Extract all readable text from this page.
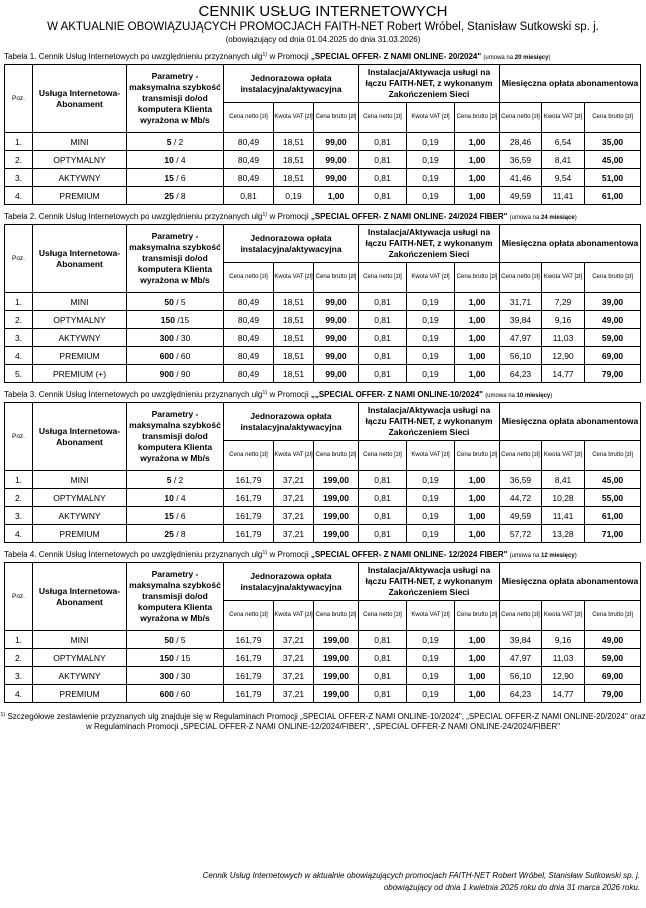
CENNIK USŁUG INTERNETOWYCH
W AKTUALNIE OBOWIĄZUJĄCYCH PROMOCJACH FAITH-NET Robert Wróbel, Stanisław Sutkowski sp. j.
(obowiązujący od dnia 01.04.2025 do dnia 31.03.2026)
Tabela 1. Cennik Usług Internetowych po uwzględnieniu przyznanych ulg$^{1)}$ w Promocji „SPECIAL OFFER- Z NAMI ONLINE- 20/2024" (umowa na 20 miesięcy)
Poz.	Usługa Internetowa- Abonament	Parametry - maksymalna szybkość transmisji do/od komputera Klienta wyrażona w Mb/s	Jednorazowa opłata instalacyjna/aktywacyjna			Instalacja/Aktywacja usługi na łączu FAITH-NET, z wykonanym Zakończeniem Sieci			Miesięczna opłata abonamentowa		
			Cena netto [zł]	Kwota VAT [zł]	Cena brutto [zł]	Cena netto [zł]	Kwota VAT [zł]	Cena brutto [zł]	Cena netto [zł]	Kwota VAT [zł]	Cena brutto [zł]
1.	MINI	5 / 2	80,49	18,51	99,00	0,81	0,19	1,00	28,46	6,54	35,00
2.	OPTYMALNY	10 / 4	80,49	18,51	99,00	0,81	0,19	1,00	36,59	8,41	45,00
3.	AKTYWNY	15 / 6	80,49	18,51	99,00	0,81	0,19	1,00	41,46	9,54	51,00
4.	PREMIUM	25 / 8	0,81	0,19	1,00	0,81	0,19	1,00	49,59	11,41	61,00
Tabela 2. Cennik Usług Internetowych po uwzględnieniu przyznanych ulg$^{1)}$ w Promocji „SPECIAL OFFER- Z NAMI ONLINE- 24/2024 FIBER" (umowa na 24 miesiące)
Poz.	Usługa Internetowa- Abonament	Parametry - maksymalna szybkość transmisji do/od komputera Klienta wyrażona w Mb/s	Jednorazowa opłata instalacyjna/aktywacyjna			Instalacja/Aktywacja usługi na łączu FAITH-NET, z wykonanym Zakończeniem Sieci			Miesięczna opłata abonamentowa		
			Cena netto [zł]	Kwota VAT [zł]	Cena brutto [zł]	Cena netto [zł]	Kwota VAT [zł]	Cena brutto [zł]	Cena netto [zł]	Kwota VAT [zł]	Cena brutto [zł]
1.	MINI	50 / 5	80,49	18,51	99,00	0,81	0,19	1,00	31,71	7,29	39,00
2.	OPTYMALNY	150 /15	80,49	18,51	99,00	0,81	0,19	1,00	39,84	9,16	49,00
3.	AKTYWNY	300 / 30	80,49	18,51	99,00	0,81	0,19	1,00	47,97	11,03	59,00
4.	PREMIUM	600 / 60	80,49	18,51	99,00	0,81	0,19	1,00	56,10	12,90	69,00
5.	PREMIUM (+)	900 / 90	80,49	18,51	99,00	0,81	0,19	1,00	64,23	14,77	79,00
Tabela 3. Cennik Usług Internetowych po uwzględnieniu przyznanych ulg$^{1)}$ w Promocji „„SPECIAL OFFER- Z NAMI ONLINE-10/2024" (umowa na 10 miesięcy)
Poz.	Usługa Internetowa- Abonament	Parametry - maksymalna szybkość transmisji do/od komputera Klienta wyrażona w Mb/s	Jednorazowa opłata instalacyjna/aktywacyjna			Instalacja/Aktywacja usługi na łączu FAITH-NET, z wykonanym Zakończeniem Sieci			Miesięczna opłata abonamentowa		
			Cena netto [zł]	Kwota VAT [zł]	Cena brutto [zł]	Cena netto [zł]	Kwota VAT [zł]	Cena brutto [zł]	Cena netto [zł]	Kwota VAT [zł]	Cena brutto [zł]
1.	MINI	5 / 2	161,79	37,21	199,00	0,81	0,19	1,00	36,59	8,41	45,00
2.	OPTYMALNY	10 / 4	161,79	37,21	199,00	0,81	0,19	1,00	44,72	10,28	55,00
3.	AKTYWNY	15 / 6	161,79	37,21	199,00	0,81	0,19	1,00	49,59	11,41	61,00
4.	PREMIUM	25 / 8	161,79	37,21	199,00	0,81	0,19	1,00	57,72	13,28	71,00
Tabela 4. Cennik Usług Internetowych po uwzględnieniu przyznanych ulg$^{1)}$ w Promocji „SPECIAL OFFER- Z NAMI ONLINE- 12/2024 FIBER" (umowa na 12 miesięcy)
Poz.	Usługa Internetowa- Abonament	Parametry - maksymalna szybkość transmisji do/od komputera Klienta wyrażona w Mb/s	Jednorazowa opłata instalacyjna/aktywacyjna			Instalacja/Aktywacja usługi na łączu FAITH-NET, z wykonanym Zakończeniem Sieci			Miesięczna opłata abonamentowa		
			Cena netto [zł]	Kwota VAT [zł]	Cena brutto [zł]	Cena netto [zł]	Kwota VAT [zł]	Cena brutto [zł]	Cena netto [zł]	Kwota VAT [zł]	Cena brutto [zł]
1.	MINI	50 / 5	161,79	37,21	199,00	0,81	0,19	1,00	39,84	9,16	49,00
2.	OPTYMALNY	150 / 15	161,79	37,21	199,00	0,81	0,19	1,00	47,97	11,03	59,00
3.	AKTYWNY	300 / 30	161,79	37,21	199,00	0,81	0,19	1,00	56,10	12,90	69,00
4.	PREMIUM	600 / 60	161,79	37,21	199,00	0,81	0,19	1,00	64,23	14,77	79,00
$^{1)}$ Szczegółowe zestawienie przyznanych ulg znajduje się w Regulaminach Promocji „SPECIAL OFFER-Z NAMI ONLINE-10/2024", „SPECIAL OFFER-Z NAMI ONLINE-20/2024" oraz w Regulaminach Promocji „SPECIAL OFFER-Z NAMI ONLINE-12/2024/FIBER", „SPECIAL OFFER-Z NAMI ONLINE-24/2024/FIBER"
Cennik Usług Internetowych w aktualnie obowiązujących promocjach FAITH-NET Robert Wróbel, Stanisław Sutkowski sp. j.
obowiązujący od dnia 1 kwietnia 2025 roku do dnia 31 marca 2026 roku.
